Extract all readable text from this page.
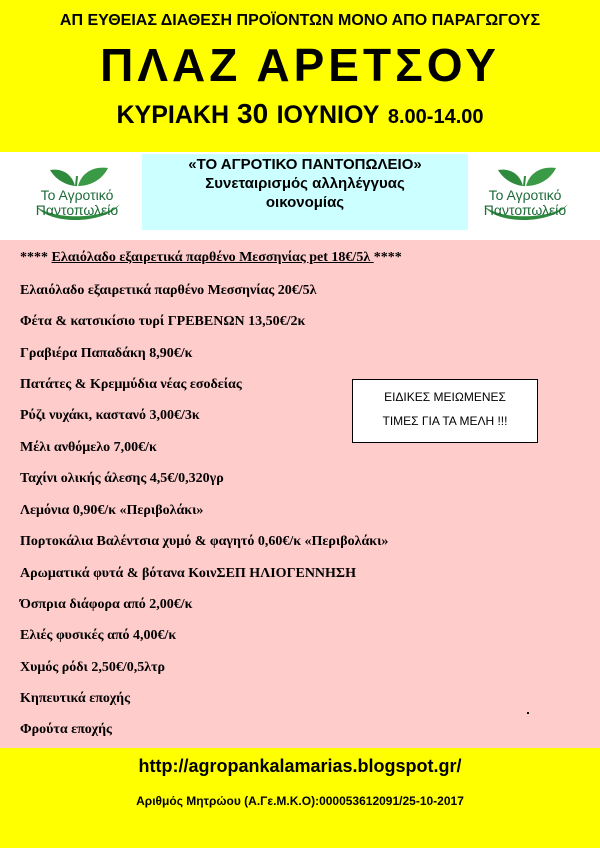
ΑΠ ΕΥΘΕΙΑΣ ΔΙΑΘΕΣΗ ΠΡΟΪΟΝΤΩΝ ΜΟΝΟ ΑΠΟ ΠΑΡΑΓΩΓΟΥΣ
ΠΛΑΖ ΑΡΕΤΣΟΥ
ΚΥΡΙΑΚΗ 30 ΙΟΥΝΙΟΥ 8.00-14.00
Το Αγροτικό
Παντοπωλείο
«ΤΟ ΑΓΡΟΤΙΚΟ ΠΑΝΤΟΠΩΛΕΙΟ»
Συνεταιρισμός αλληλέγγυας
οικονομίας	Το Αγροτικό
Παντοπωλείο
**** Ελαιόλαδο εξαιρετικά παρθένο Μεσσηνίας pet 18€/5λ ****
Ελαιόλαδο εξαιρετικά παρθένο Μεσσηνίας 20€/5λ
Φέτα & κατσικίσιο τυρί ΓΡΕΒΕΝΩΝ 13,50€/2κ
Γραβιέρα Παπαδάκη 8,90€/κ
Πατάτες & Κρεμμύδια νέας εσοδείας
Ρύζι νυχάκι, καστανό 3,00€/3κ
Μέλι ανθόμελο 7,00€/κ
Ταχίνι ολικής άλεσης 4,5€/0,320γρ
Λεμόνια 0,90€/κ «Περιβολάκι»
Πορτοκάλια Βαλέντσια χυμό & φαγητό 0,60€/κ «Περιβολάκι»
Αρωματικά φυτά & βότανα ΚοινΣΕΠ ΗΛΙΟΓΕΝΝΗΣΗ
Όσπρια διάφορα από 2,00€/κ
Ελιές φυσικές από 4,00€/κ
Χυμός ρόδι 2,50€/0,5λτρ
Κηπευτικά εποχής
Φρούτα εποχής
ΕΙΔΙΚΕΣ ΜΕΙΩΜΕΝΕΣ
ΤΙΜΕΣ ΓΙΑ ΤΑ ΜΕΛΗ !!!
http://agropankalamarias.blogspot.gr/
Αριθμός Μητρώου (Α.Γε.Μ.Κ.Ο):000053612091/25-10-2017
